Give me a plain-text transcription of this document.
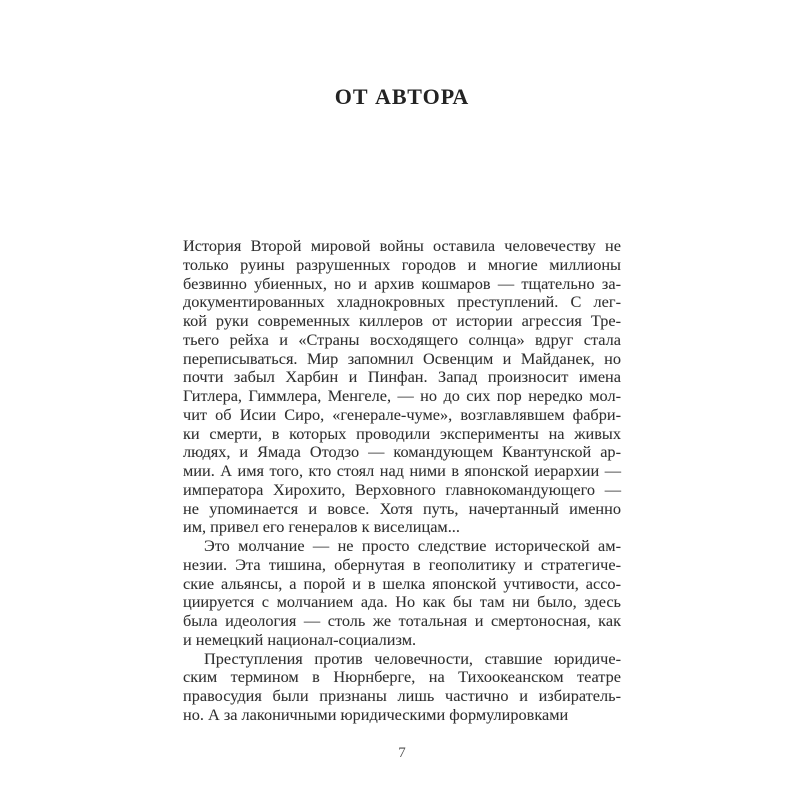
ОТ АВТОРА
История Второй мировой войны оставила человечеству не
только руины разрушенных городов и многие миллионы
безвинно убиенных, но и архив кошмаров — тщательно за-
документированных хладнокровных преступлений. С лег-
кой руки современных киллеров от истории агрессия Тре-
тьего рейха и «Страны восходящего солнца» вдруг стала
переписываться. Мир запомнил Освенцим и Майданек, но
почти забыл Харбин и Пинфан. Запад произносит имена
Гитлера, Гиммлера, Менгеле, — но до сих пор нередко мол-
чит об Исии Сиро, «генерале-чуме», возглавлявшем фабри-
ки смерти, в которых проводили эксперименты на живых
людях, и Ямада Отодзо — командующем Квантунской ар-
мии. А имя того, кто стоял над ними в японской иерархии —
императора Хирохито, Верховного главнокомандующего —
не упоминается и вовсе. Хотя путь, начертанный именно
им, привел его генералов к виселицам...
Это молчание — не просто следствие исторической ам-
незии. Эта тишина, обернутая в геополитику и стратегиче-
ские альянсы, а порой и в шелка японской учтивости, ассо-
циируется с молчанием ада. Но как бы там ни было, здесь
была идеология — столь же тотальная и смертоносная, как
и немецкий национал-социализм.
Преступления против человечности, ставшие юридиче-
ским термином в Нюрнберге, на Тихоокеанском театре
правосудия были признаны лишь частично и избиратель-
но. А за лаконичными юридическими формулировками
7
